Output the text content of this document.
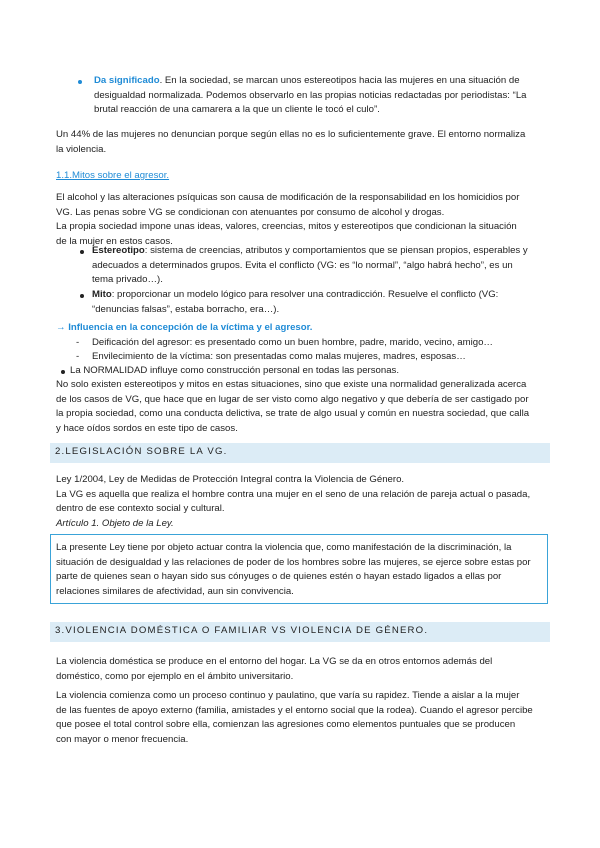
Da significado. En la sociedad, se marcan unos estereotipos hacia las mujeres en una situación de
desigualdad normalizada. Podemos observarlo en las propias noticias redactadas por periodistas: “La
brutal reacción de una camarera a la que un cliente le tocó el culo”.
Un 44% de las mujeres no denuncian porque según ellas no es lo suficientemente grave. El entorno normaliza
la violencia.
1.1.Mitos sobre el agresor.
El alcohol y las alteraciones psíquicas son causa de modificación de la responsabilidad en los homicidios por
VG. Las penas sobre VG se condicionan con atenuantes por consumo de alcohol y drogas.
La propia sociedad impone unas ideas, valores, creencias, mitos y estereotipos que condicionan la situación
de la mujer en estos casos.
Estereotipo: sistema de creencias, atributos y comportamientos que se piensan propios, esperables y
adecuados a determinados grupos. Evita el conflicto (VG: es “lo normal”, “algo habrá hecho”, es un
tema privado…).
Mito: proporcionar un modelo lógico para resolver una contradicción. Resuelve el conflicto (VG:
“denuncias falsas”, estaba borracho, era…).
→ Influencia en la concepción de la víctima y el agresor.
- Deificación del agresor: es presentado como un buen hombre, padre, marido, vecino, amigo…
- Envilecimiento de la víctima: son presentadas como malas mujeres, madres, esposas…
La NORMALIDAD influye como construcción personal en todas las personas.
No solo existen estereotipos y mitos en estas situaciones, sino que existe una normalidad generalizada acerca
de los casos de VG, que hace que en lugar de ser visto como algo negativo y que debería de ser castigado por
la propia sociedad, como una conducta delictiva, se trate de algo usual y común en nuestra sociedad, que calla
y hace oídos sordos en este tipo de casos.
2.LEGISLACIÓN SOBRE LA VG.
Ley 1/2004, Ley de Medidas de Protección Integral contra la Violencia de Género.
La VG es aquella que realiza el hombre contra una mujer en el seno de una relación de pareja actual o pasada,
dentro de ese contexto social y cultural.
Artículo 1. Objeto de la Ley.
La presente Ley tiene por objeto actuar contra la violencia que, como manifestación de la discriminación, la
situación de desigualdad y las relaciones de poder de los hombres sobre las mujeres, se ejerce sobre estas por
parte de quienes sean o hayan sido sus cónyuges o de quienes estén o hayan estado ligados a ellas por
relaciones similares de afectividad, aun sin convivencia.
3.VIOLENCIA DOMÉSTICA O FAMILIAR VS VIOLENCIA DE GÉNERO.
La violencia doméstica se produce en el entorno del hogar. La VG se da en otros entornos además del
doméstico, como por ejemplo en el ámbito universitario.
La violencia comienza como un proceso continuo y paulatino, que varía su rapidez. Tiende a aislar a la mujer
de las fuentes de apoyo externo (familia, amistades y el entorno social que la rodea). Cuando el agresor percibe
que posee el total control sobre ella, comienzan las agresiones como elementos puntuales que se producen
con mayor o menor frecuencia.
